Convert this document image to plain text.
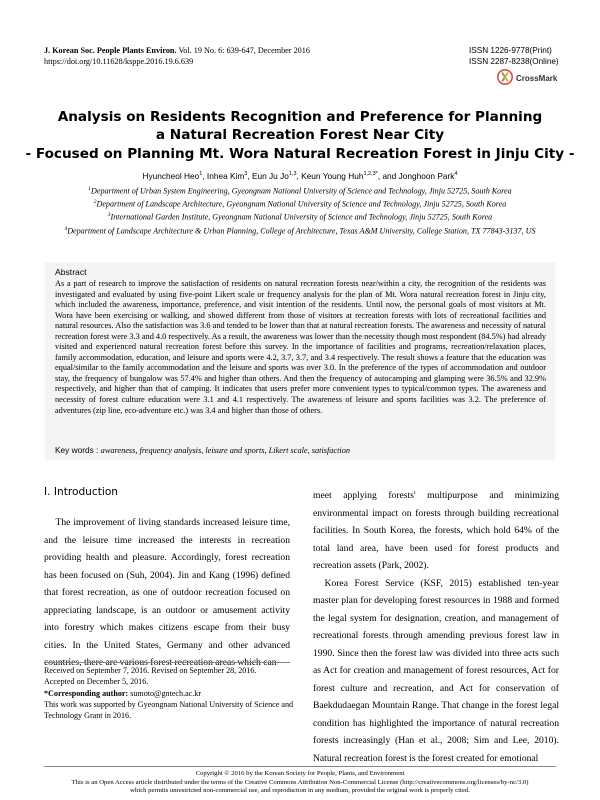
J. Korean Soc. People Plants Environ. Vol. 19 No. 6: 639-647, December 2016
https://doi.org/10.11628/ksppe.2016.19.6.639
ISSN 1226-9778(Print)
ISSN 2287-8238(Online)
CrossMark
Analysis on Residents Recognition and Preference for Planning
a Natural Recreation Forest Near City
- Focused on Planning Mt. Wora Natural Recreation Forest in Jinju City -
Hyuncheol Heo$^1$, Inhea Kim$^3$, Eun Ju Jo$^{1,3}$, Keun Young Huh$^{1,2,3*}$, and Jonghoon Park$^4$
$^1$Department of Urban System Engineering, Gyeongnam National University of Science and Technology, Jinju 52725, South Korea
$^2$Department of Landscape Architecture, Gyeongnam National University of Science and Technology, Jinju 52725, South Korea
$^3$International Garden Institute, Gyeongnam National University of Science and Technology, Jinju 52725, South Korea
$^4$Department of Landscape Architecture & Urban Planning, College of Architecture, Texas A&M University, College Station, TX 77843-3137, US
Abstract
As a part of research to improve the satisfaction of residents on natural recreation forests near/within a city, the recognition of the residents was investigated and evaluated by using five-point Likert scale or frequency analysis for the plan of Mt. Wora natural recreation forest in Jinju city, which included the awareness, importance, preference, and visit intention of the residents. Until now, the personal goals of most visitors at Mt. Wora have been exercising or walking, and showed different from those of visitors at recreation forests with lots of recreational facilities and natural resources. Also the satisfaction was 3.6 and tended to be lower than that at natural recreation forests. The awareness and necessity of natural recreation forest were 3.3 and 4.0 respectively. As a result, the awareness was lower than the necessity though most respondent (84.5%) had already visited and experienced natural recreation forest before this survey. In the importance of facilities and programs, recreation/relaxation places, family accommodation, education, and leisure and sports were 4.2, 3.7, 3.7, and 3.4 respectively. The result shows a feature that the education was equal/similar to the family accommodation and the leisure and sports was over 3.0. In the preference of the types of accommodation and outdoor stay, the frequency of bungalow was 57.4% and higher than others. And then the frequency of autocamping and glamping were 36.5% and 32.9% respectively, and higher than that of camping. It indicates that users prefer more convenient types to typical/common types. The awareness and necessity of forest culture education were 3.1 and 4.1 respectively. The awareness of leisure and sports facilities was 3.2. The preference of adventures (zip line, eco-adventure etc.) was 3.4 and higher than those of others.
Key words : awareness, frequency analysis, leisure and sports, Likert scale, satisfaction
Ⅰ. Introduction

The improvement of living standards increased leisure time, and the leisure time increased the interests in recreation providing health and pleasure. Accordingly, forest recreation has been focused on (Suh, 2004). Jin and Kang (1996) defined that forest recreation, as one of outdoor recreation focused on appreciating landscape, is an outdoor or amusement activity into forestry which makes citizens escape from their busy cities. In the United States, Germany and other advanced countries, there are various forest recreation areas which can

meet applying forests' multipurpose and minimizing environmental impact on forests through building recreational facilities. In South Korea, the forests, which hold 64% of the total land area, have been used for forest products and recreation assets (Park, 2002).

Korea Forest Service (KSF, 2015) established ten-year master plan for developing forest resources in 1988 and formed the legal system for designation, creation, and management of recreational forests through amending previous forest law in 1990. Since then the forest law was divided into three acts such as Act for creation and management of forest resources, Act for forest culture and recreation, and Act for conservation of Baekdudaegan Mountain Range. That change in the forest legal condition has highlighted the importance of natural recreation forests increasingly (Han et al., 2008; Sim and Lee, 2010). Natural recreation forest is the forest created for emotional

Received on September 7, 2016. Revised on September 28, 2016.
Accepted on December 5, 2016.
*Corresponding author: sumoto@gntech.ac.kr
This work was supported by Gyeongnam National University of Science and Technology Grant in 2016.
Copyright © 2016 by the Korean Society for People, Plants, and Environment
This is an Open Access article distributed under the terms of the Creative Commons Attribution Non-Commercial License (http://creativecommons.org/licenses/by-nc/3.0)
which permits unrestricted non-commercial use, and reproduction in any medium, provided the original work is properly cited.
